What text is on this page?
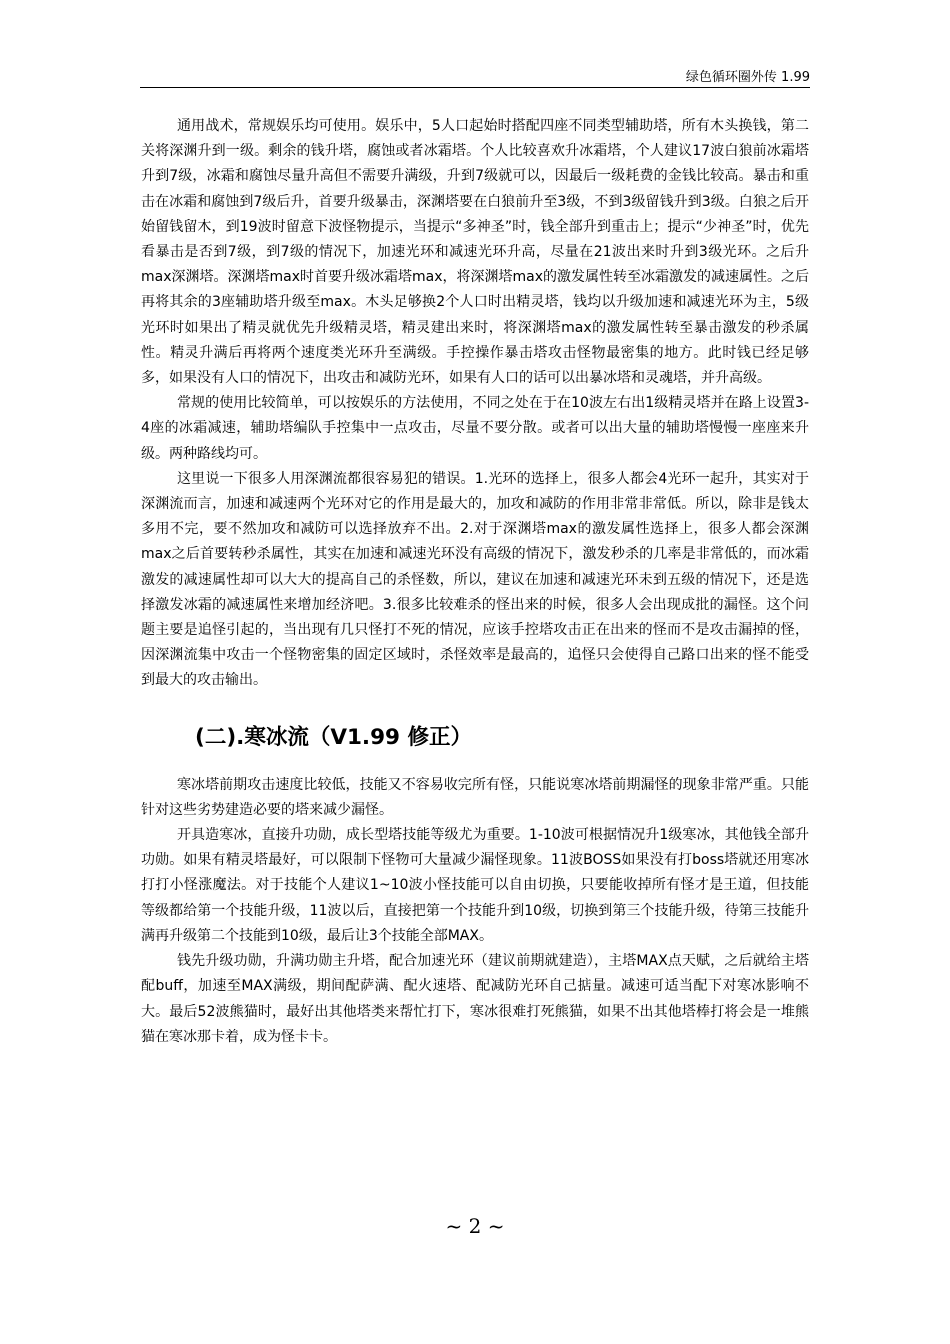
绿色循环圈外传 1.99

通用战术，常规娱乐均可使用。娱乐中，5人口起始时搭配四座不同类型辅助塔，所有木头换钱，第二关将深渊升到一级。剩余的钱升塔，腐蚀或者冰霜塔。个人比较喜欢升冰霜塔，个人建议17波白狼前冰霜塔升到7级，冰霜和腐蚀尽量升高但不需要升满级，升到7级就可以，因最后一级耗费的金钱比较高。暴击和重击在冰霜和腐蚀到7级后升，首要升级暴击，深渊塔要在白狼前升至3级，不到3级留钱升到3级。白狼之后开始留钱留木，到19波时留意下波怪物提示，当提示“多神圣”时，钱全部升到重击上；提示“少神圣”时，优先看暴击是否到7级，到7级的情况下，加速光环和减速光环升高，尽量在21波出来时升到3级光环。之后升max深渊塔。深渊塔max时首要升级冰霜塔max，将深渊塔max的激发属性转至冰霜激发的减速属性。之后再将其余的3座辅助塔升级至max。木头足够换2个人口时出精灵塔，钱均以升级加速和减速光环为主，5级光环时如果出了精灵就优先升级精灵塔，精灵建出来时，将深渊塔max的激发属性转至暴击激发的秒杀属性。精灵升满后再将两个速度类光环升至满级。手控操作暴击塔攻击怪物最密集的地方。此时钱已经足够多，如果没有人口的情况下，出攻击和减防光环，如果有人口的话可以出暴冰塔和灵魂塔，并升高级。

常规的使用比较简单，可以按娱乐的方法使用，不同之处在于在10波左右出1级精灵塔并在路上设置3-4座的冰霜减速，辅助塔编队手控集中一点攻击，尽量不要分散。或者可以出大量的辅助塔慢慢一座座来升级。两种路线均可。

这里说一下很多人用深渊流都很容易犯的错误。1.光环的选择上，很多人都会4光环一起升，其实对于深渊流而言，加速和减速两个光环对它的作用是最大的，加攻和减防的作用非常非常低。所以，除非是钱太多用不完，要不然加攻和减防可以选择放弃不出。2.对于深渊塔max的激发属性选择上，很多人都会深渊max之后首要转秒杀属性，其实在加速和减速光环没有高级的情况下，激发秒杀的几率是非常低的，而冰霜激发的减速属性却可以大大的提高自己的杀怪数，所以，建议在加速和减速光环未到五级的情况下，还是选择激发冰霜的减速属性来增加经济吧。3.很多比较难杀的怪出来的时候，很多人会出现成批的漏怪。这个问题主要是追怪引起的，当出现有几只怪打不死的情况，应该手控塔攻击正在出来的怪而不是攻击漏掉的怪，因深渊流集中攻击一个怪物密集的固定区域时，杀怪效率是最高的，追怪只会使得自己路口出来的怪不能受到最大的攻击输出。

(二).寒冰流（V1.99 修正）

寒冰塔前期攻击速度比较低，技能又不容易收完所有怪，只能说寒冰塔前期漏怪的现象非常严重。只能针对这些劣势建造必要的塔来减少漏怪。

开具造寒冰，直接升功勋，成长型塔技能等级尤为重要。1-10波可根据情况升1级寒冰，其他钱全部升功勋。如果有精灵塔最好，可以限制下怪物可大量减少漏怪现象。11波BOSS如果没有打boss塔就还用寒冰打打小怪涨魔法。对于技能个人建议1~10波小怪技能可以自由切换，只要能收掉所有怪才是王道，但技能等级都给第一个技能升级，11波以后，直接把第一个技能升到10级，切换到第三个技能升级，待第三技能升满再升级第二个技能到10级，最后让3个技能全部MAX。

钱先升级功勋，升满功勋主升塔，配合加速光环（建议前期就建造），主塔MAX点天赋，之后就给主塔配buff，加速至MAX满级，期间配萨满、配火速塔、配减防光环自己掂量。减速可适当配下对寒冰影响不大。最后52波熊猫时，最好出其他塔类来帮忙打下，寒冰很难打死熊猫，如果不出其他塔棒打将会是一堆熊猫在寒冰那卡着，成为怪卡卡。

~ 2 ~
